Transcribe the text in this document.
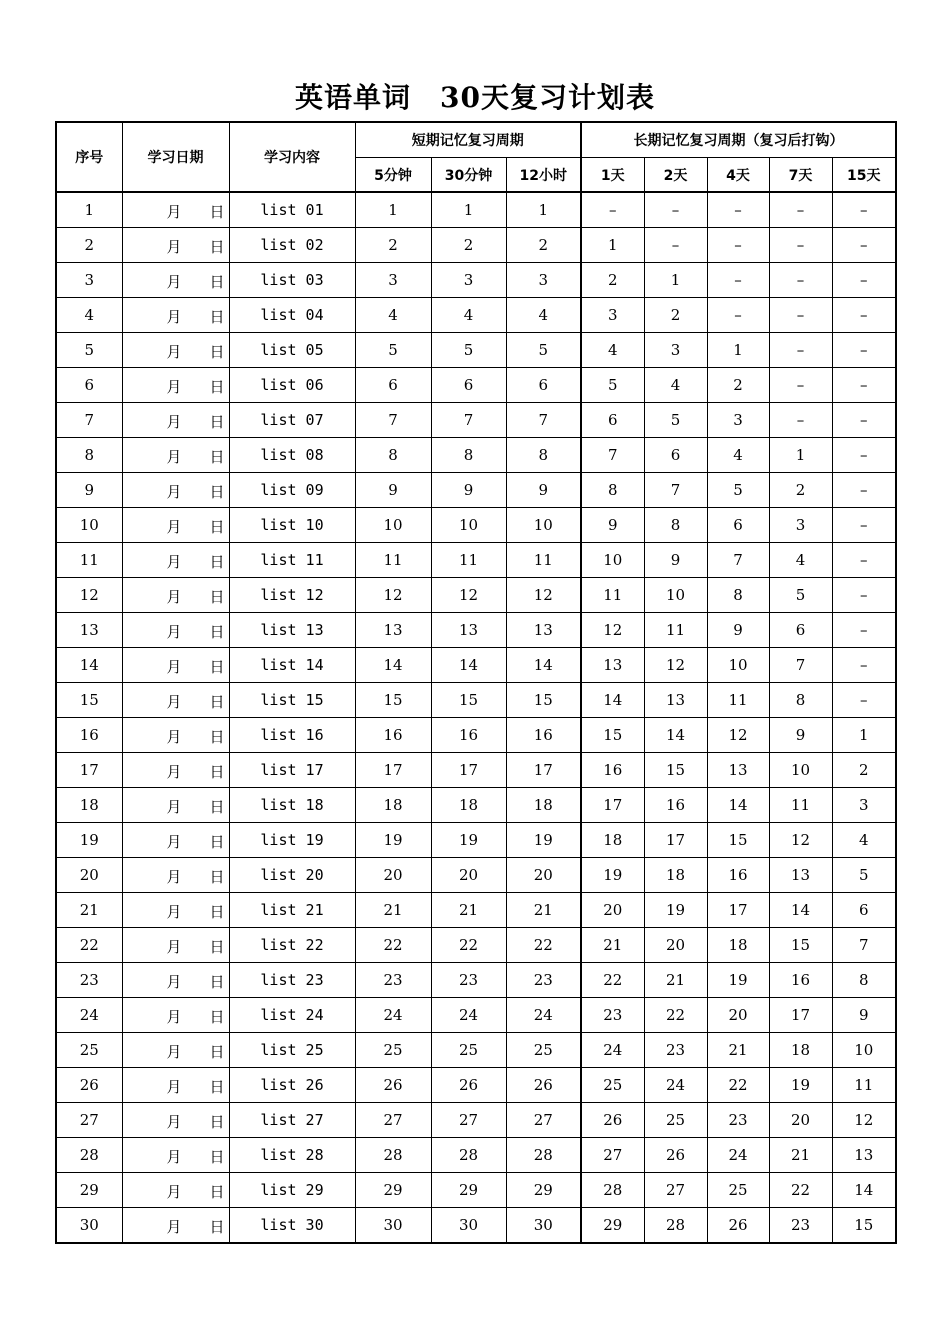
英语单词　30天复习计划表
序号	学习日期	学习内容	短期记忆复习周期			长期记忆复习周期（复习后打钩）				
			5分钟	30分钟	12小时	1天	2天	4天	7天	15天
1	月 日	list 01	1	1	1	–	–	–	–	–
2	月 日	list 02	2	2	2	1	–	–	–	–
3	月 日	list 03	3	3	3	2	1	–	–	–
4	月 日	list 04	4	4	4	3	2	–	–	–
5	月 日	list 05	5	5	5	4	3	1	–	–
6	月 日	list 06	6	6	6	5	4	2	–	–
7	月 日	list 07	7	7	7	6	5	3	–	–
8	月 日	list 08	8	8	8	7	6	4	1	–
9	月 日	list 09	9	9	9	8	7	5	2	–
10	月 日	list 10	10	10	10	9	8	6	3	–
11	月 日	list 11	11	11	11	10	9	7	4	–
12	月 日	list 12	12	12	12	11	10	8	5	–
13	月 日	list 13	13	13	13	12	11	9	6	–
14	月 日	list 14	14	14	14	13	12	10	7	–
15	月 日	list 15	15	15	15	14	13	11	8	–
16	月 日	list 16	16	16	16	15	14	12	9	1
17	月 日	list 17	17	17	17	16	15	13	10	2
18	月 日	list 18	18	18	18	17	16	14	11	3
19	月 日	list 19	19	19	19	18	17	15	12	4
20	月 日	list 20	20	20	20	19	18	16	13	5
21	月 日	list 21	21	21	21	20	19	17	14	6
22	月 日	list 22	22	22	22	21	20	18	15	7
23	月 日	list 23	23	23	23	22	21	19	16	8
24	月 日	list 24	24	24	24	23	22	20	17	9
25	月 日	list 25	25	25	25	24	23	21	18	10
26	月 日	list 26	26	26	26	25	24	22	19	11
27	月 日	list 27	27	27	27	26	25	23	20	12
28	月 日	list 28	28	28	28	27	26	24	21	13
29	月 日	list 29	29	29	29	28	27	25	22	14
30	月 日	list 30	30	30	30	29	28	26	23	15
